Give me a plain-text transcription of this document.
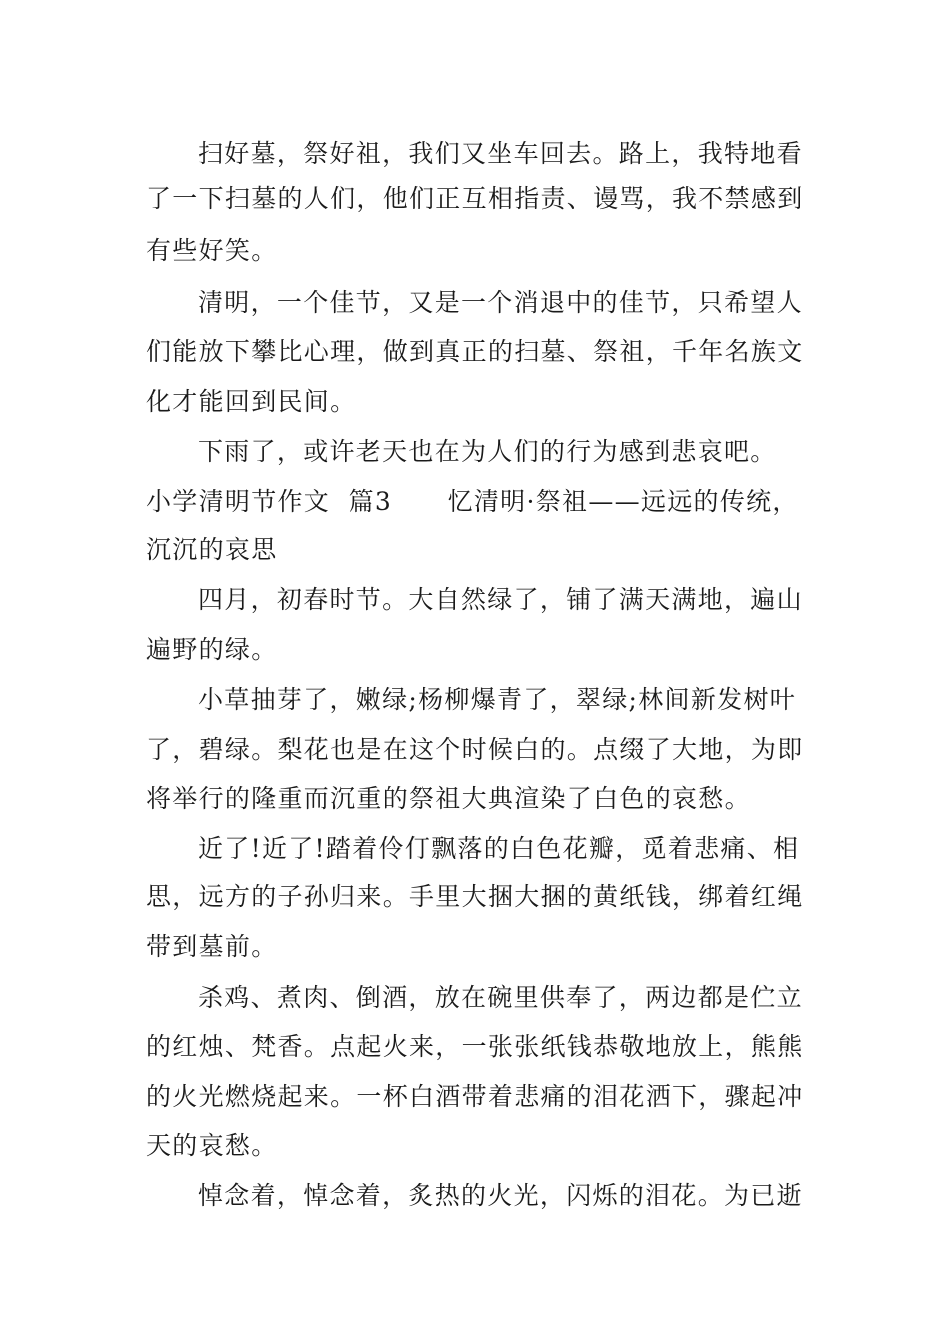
扫好墓，祭好祖，我们又坐车回去。路上，我特地看
了一下扫墓的人们，他们正互相指责、谩骂，我不禁感到
有些好笑。
清明，一个佳节，又是一个消退中的佳节，只希望人
们能放下攀比心理，做到真正的扫墓、祭祖，千年名族文
化才能回到民间。
下雨了，或许老天也在为人们的行为感到悲哀吧。
小学清明节作文  篇3      忆清明·祭祖——远远的传统，
沉沉的哀思
四月，初春时节。大自然绿了，铺了满天满地，遍山
遍野的绿。
小草抽芽了，嫩绿;杨柳爆青了，翠绿;林间新发树叶
了，碧绿。梨花也是在这个时候白的。点缀了大地，为即
将举行的隆重而沉重的祭祖大典渲染了白色的哀愁。
近了!近了!踏着伶仃飘落的白色花瓣，觅着悲痛、相
思，远方的子孙归来。手里大捆大捆的黄纸钱，绑着红绳
带到墓前。
杀鸡、煮肉、倒酒，放在碗里供奉了，两边都是伫立
的红烛、梵香。点起火来，一张张纸钱恭敬地放上，熊熊
的火光燃烧起来。一杯白酒带着悲痛的泪花洒下，骤起冲
天的哀愁。
悼念着，悼念着，炙热的火光，闪烁的泪花。为已逝
